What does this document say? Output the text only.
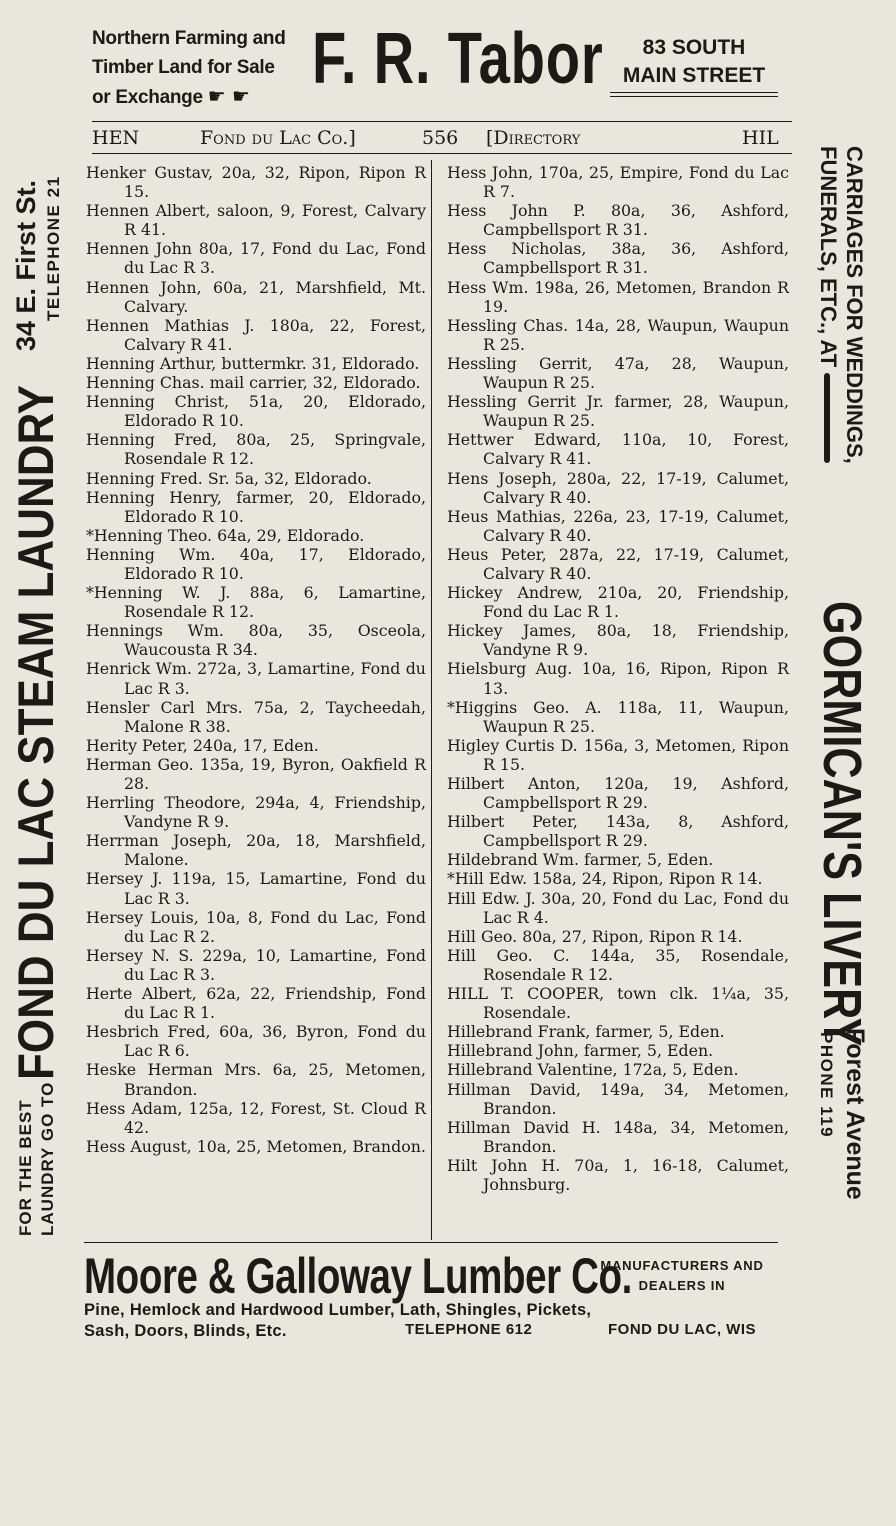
Northern Farming and
Timber Land for Sale
or Exchange ☛ ☛ F. R. Tabor	83 SOUTH
MAIN STREET
HEN	Fond du Lac Co.]	556 [Directory	HIL

Henker Gustav, 20a, 32, Ripon, Ripon R 15.

Hennen Albert, saloon, 9, Forest, Calvary R 41.

Hennen John 80a, 17, Fond du Lac, Fond du Lac R 3.

Hennen John, 60a, 21, Marshfield, Mt. Calvary.

Hennen Mathias J. 180a, 22, Forest, Calvary R 41.

Henning Arthur, buttermkr. 31, Eldorado.

Henning Chas. mail carrier, 32, Eldorado.

Henning Christ, 51a, 20, Eldorado, Eldorado R 10.

Henning Fred, 80a, 25, Springvale, Rosendale R 12.

Henning Fred. Sr. 5a, 32, Eldorado.

Henning Henry, farmer, 20, Eldorado, Eldorado R 10.

*Henning Theo. 64a, 29, Eldorado.

Henning Wm. 40a, 17, Eldorado, Eldorado R 10.

*Henning W. J. 88a, 6, Lamartine, Rosendale R 12.

Hennings Wm. 80a, 35, Osceola, Waucousta R 34.

Henrick Wm. 272a, 3, Lamartine, Fond du Lac R 3.

Hensler Carl Mrs. 75a, 2, Taycheedah, Malone R 38.

Herity Peter, 240a, 17, Eden.

Herman Geo. 135a, 19, Byron, Oakfield R 28.

Herrling Theodore, 294a, 4, Friendship, Vandyne R 9.

Herrman Joseph, 20a, 18, Marshfield, Malone.

Hersey J. 119a, 15, Lamartine, Fond du Lac R 3.

Hersey Louis, 10a, 8, Fond du Lac, Fond du Lac R 2.

Hersey N. S. 229a, 10, Lamartine, Fond du Lac R 3.

Herte Albert, 62a, 22, Friendship, Fond du Lac R 1.

Hesbrich Fred, 60a, 36, Byron, Fond du Lac R 6.

Heske Herman Mrs. 6a, 25, Metomen, Brandon.

Hess Adam, 125a, 12, Forest, St. Cloud R 42.

Hess August, 10a, 25, Metomen, Brandon.

Hess John, 170a, 25, Empire, Fond du Lac R 7.

Hess John P. 80a, 36, Ashford, Campbellsport R 31.

Hess Nicholas, 38a, 36, Ashford, Campbellsport R 31.

Hess Wm. 198a, 26, Metomen, Brandon R 19.

Hessling Chas. 14a, 28, Waupun, Waupun R 25.

Hessling Gerrit, 47a, 28, Waupun, Waupun R 25.

Hessling Gerrit Jr. farmer, 28, Waupun, Waupun R 25.

Hettwer Edward, 110a, 10, Forest, Calvary R 41.

Hens Joseph, 280a, 22, 17-19, Calumet, Calvary R 40.

Heus Mathias, 226a, 23, 17-19, Calumet, Calvary R 40.

Heus Peter, 287a, 22, 17-19, Calumet, Calvary R 40.

Hickey Andrew, 210a, 20, Friendship, Fond du Lac R 1.

Hickey James, 80a, 18, Friendship, Vandyne R 9.

Hielsburg Aug. 10a, 16, Ripon, Ripon R 13.

*Higgins Geo. A. 118a, 11, Waupun, Waupun R 25.

Higley Curtis D. 156a, 3, Metomen, Ripon R 15.

Hilbert Anton, 120a, 19, Ashford, Campbellsport R 29.

Hilbert Peter, 143a, 8, Ashford, Campbellsport R 29.

Hildebrand Wm. farmer, 5, Eden.

*Hill Edw. 158a, 24, Ripon, Ripon R 14.

Hill Edw. J. 30a, 20, Fond du Lac, Fond du Lac R 4.

Hill Geo. 80a, 27, Ripon, Ripon R 14.

Hill Geo. C. 144a, 35, Rosendale, Rosendale R 12.

HILL T. COOPER, town clk. 1¼a, 35, Rosendale.

Hillebrand Frank, farmer, 5, Eden.

Hillebrand John, farmer, 5, Eden.

Hillebrand Valentine, 172a, 5, Eden.

Hillman David, 149a, 34, Metomen, Brandon.

Hillman David H. 148a, 34, Metomen, Brandon.

Hilt John H. 70a, 1, 16-18, Calumet, Johnsburg.

FOR THE BEST LAUNDRY GO TO
FOND DU LAC STEAM LAUNDRY
34 E. First St. TELEPHONE 21	CARRIAGES FOR WEDDINGS,
FUNERALS, ETC., AT
GORMICAN'S LIVERY
Forest Avenue
PHONE 119
Moore & Galloway Lumber Co.
MANUFACTURERS AND
DEALERS IN
Pine, Hemlock and Hardwood Lumber, Lath, Shingles, Pickets,
Sash, Doors, Blinds, Etc.	TELEPHONE 612	FOND DU LAC, WIS
